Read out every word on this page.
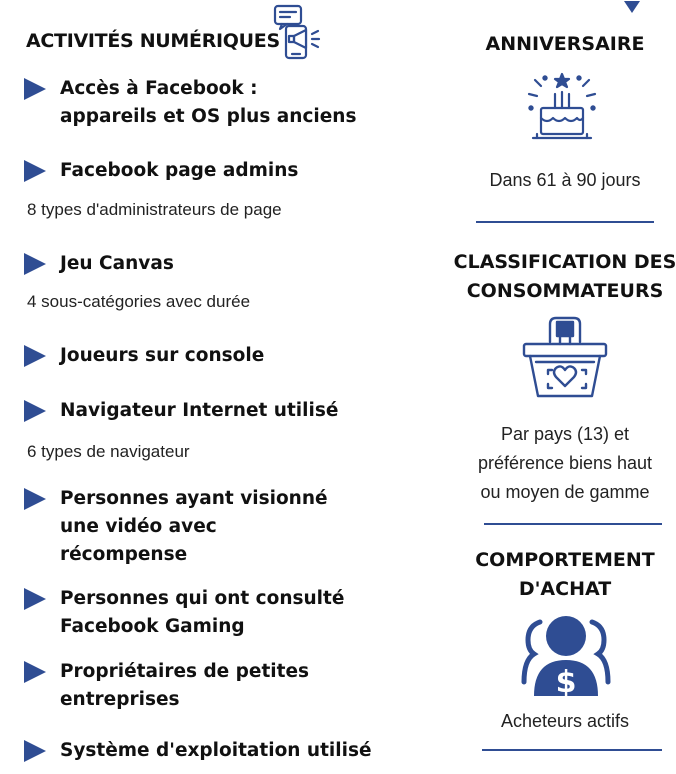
ACTIVITÉS NUMÉRIQUES
Accès à Facebook :
appareils et OS plus anciens
Facebook page admins
8 types d'administrateurs de page
Jeu Canvas
4 sous-catégories avec durée
Joueurs sur console
Navigateur Internet utilisé
6 types de navigateur
Personnes ayant visionné
une vidéo avec
récompense
Personnes qui ont consulté
Facebook Gaming
Propriétaires de petites
entreprises
Système d'exploitation utilisé
ANNIVERSAIRE
Dans 61 à 90 jours
CLASSIFICATION DES
CONSOMMATEURS
Par pays (13) et
préférence biens haut
ou moyen de gamme
COMPORTEMENT
D'ACHAT
$
Acheteurs actifs
